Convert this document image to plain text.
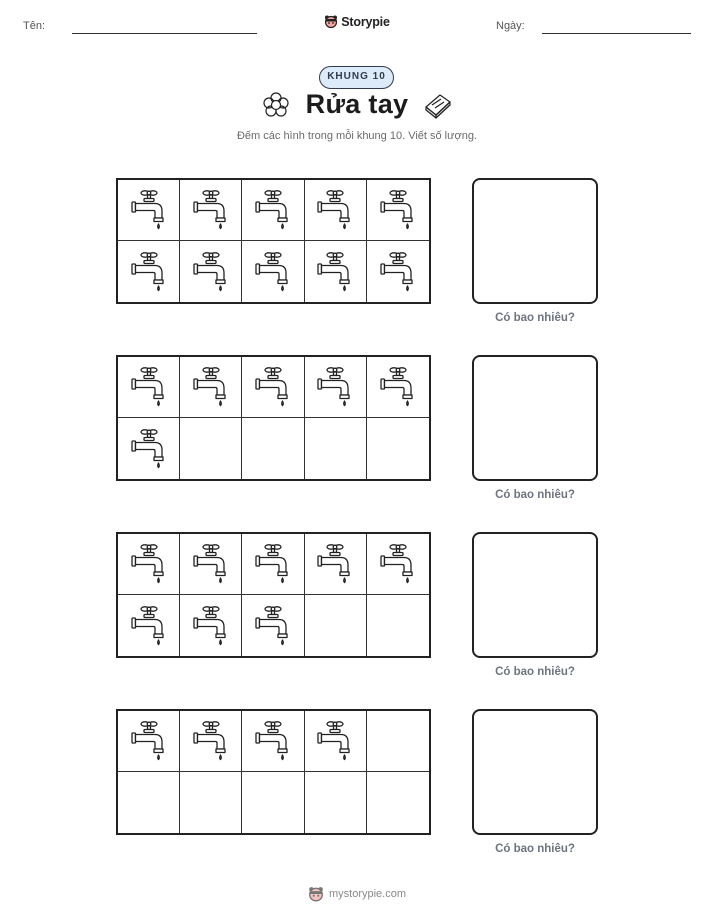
Tên:	Storypie	Ngày:
KHUNG 10
Rửa tay
Đếm các hình trong mỗi khung 10. Viết số lượng.
Có bao nhiêu?
Có bao nhiêu?
Có bao nhiêu?
Có bao nhiêu?
mystorypie.com
